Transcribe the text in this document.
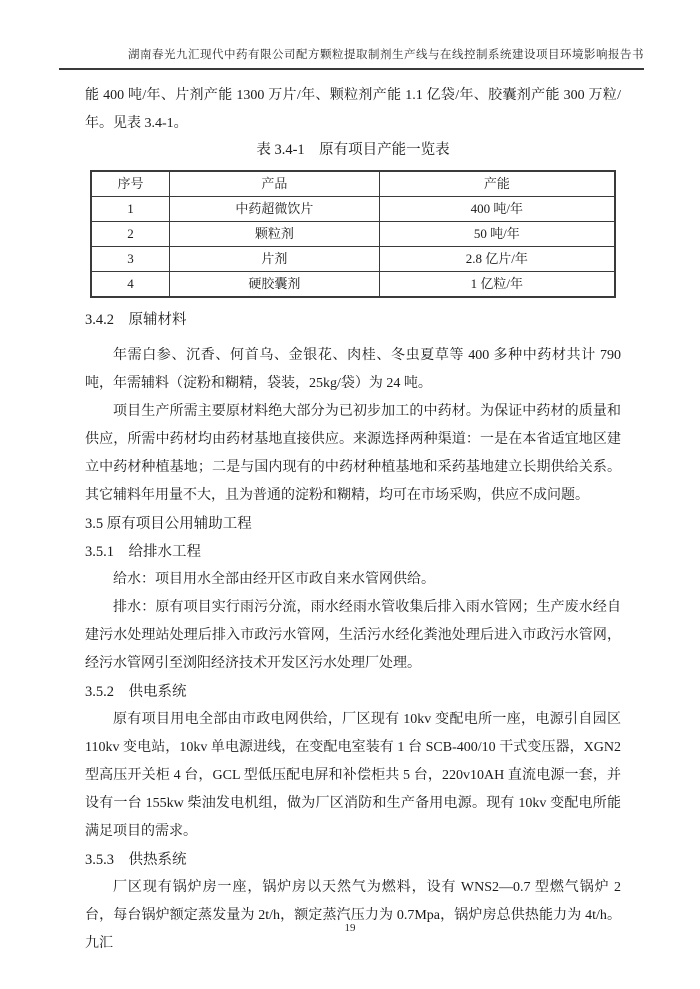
湖南春光九汇现代中药有限公司配方颗粒提取制剂生产线与在线控制系统建设项目环境影响报告书

能 400 吨/年、片剂产能 1300 万片/年、颗粒剂产能 1.1 亿袋/年、胶囊剂产能 300 万粒/年。见表 3.4-1。

表 3.4-1　原有项目产能一览表

序号	产品	产能
1	中药超微饮片	400 吨/年
2	颗粒剂	50 吨/年
3	片剂	2.8 亿片/年
4	硬胶囊剂	1 亿粒/年

3.4.2　原辅材料

年需白参、沉香、何首乌、金银花、肉桂、冬虫夏草等 400 多种中药材共计 790 吨，年需辅料（淀粉和糊精，袋装，25kg/袋）为 24 吨。

项目生产所需主要原材料绝大部分为已初步加工的中药材。为保证中药材的质量和供应，所需中药材均由药材基地直接供应。来源选择两种渠道：一是在本省适宜地区建立中药材种植基地；二是与国内现有的中药材种植基地和采药基地建立长期供给关系。其它辅料年用量不大，且为普通的淀粉和糊精，均可在市场采购，供应不成问题。

3.5 原有项目公用辅助工程

3.5.1　给排水工程

给水：项目用水全部由经开区市政自来水管网供给。

排水：原有项目实行雨污分流，雨水经雨水管收集后排入雨水管网；生产废水经自建污水处理站处理后排入市政污水管网，生活污水经化粪池处理后进入市政污水管网，经污水管网引至浏阳经济技术开发区污水处理厂处理。

3.5.2　供电系统

原有项目用电全部由市政电网供给，厂区现有 10kv 变配电所一座，电源引自园区 110kv 变电站，10kv 单电源进线，在变配电室装有 1 台 SCB-400/10 干式变压器，XGN2 型高压开关柜 4 台，GCL 型低压配电屏和补偿柜共 5 台，220v10AH 直流电源一套，并设有一台 155kw 柴油发电机组，做为厂区消防和生产备用电源。现有 10kv 变配电所能满足项目的需求。

3.5.3　供热系统

厂区现有锅炉房一座，锅炉房以天然气为燃料，设有 WNS2—0.7 型燃气锅炉 2 台，每台锅炉额定蒸发量为 2t/h，额定蒸汽压力为 0.7Mpa，锅炉房总供热能力为 4t/h。九汇

19
